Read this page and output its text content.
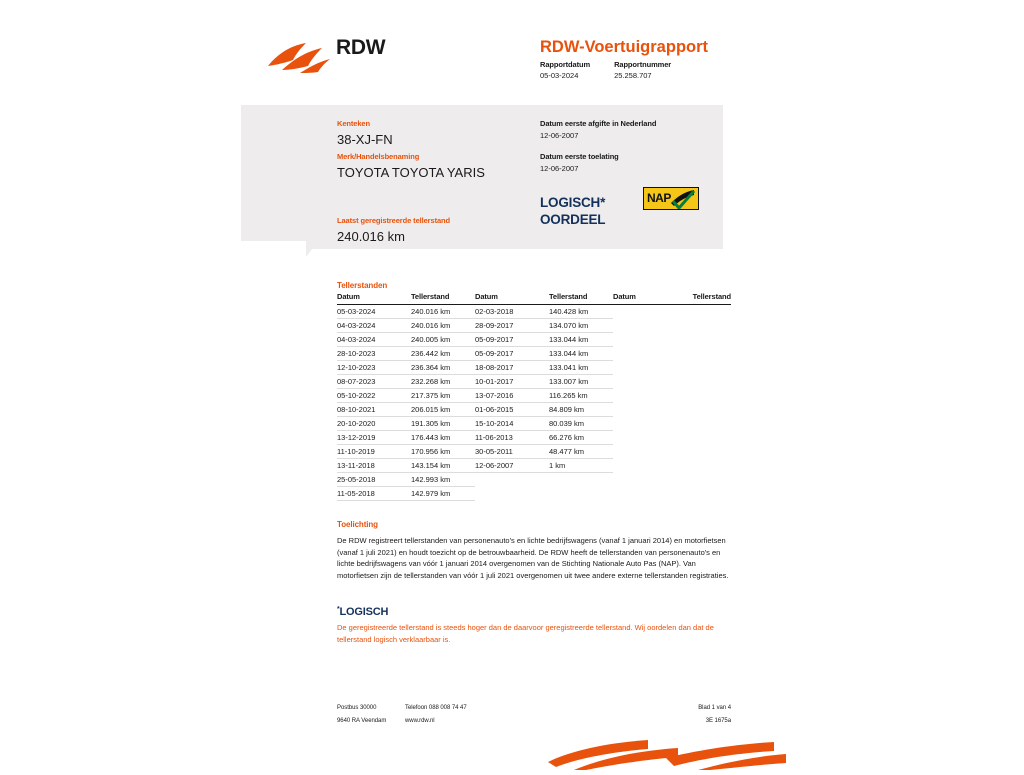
RDW	RDW-Voertuigrapport
Rapportdatum
05-03-2024
Rapportnummer
25.258.707
Kenteken
38-XJ-FN
Merk/Handelsbenaming
TOYOTA TOYOTA YARIS
Laatst geregistreerde tellerstand
240.016 km
Datum eerste afgifte in Nederland
12-06-2007
Datum eerste toelating
12-06-2007
LOGISCH*
OORDEEL
NAP
Tellerstanden
Datum	Tellerstand
05-03-2024	240.016 km
04-03-2024	240.016 km
04-03-2024	240.005 km
28-10-2023	236.442 km
12-10-2023	236.364 km
08-07-2023	232.268 km
05-10-2022	217.375 km
08-10-2021	206.015 km
20-10-2020	191.305 km
13-12-2019	176.443 km
11-10-2019	170.956 km
13-11-2018	143.154 km
25-05-2018	142.993 km
11-05-2018	142.979 km
Datum	Tellerstand
02-03-2018	140.428 km
28-09-2017	134.070 km
05-09-2017	133.044 km
05-09-2017	133.044 km
18-08-2017	133.041 km
10-01-2017	133.007 km
13-07-2016	116.265 km
01-06-2015	84.809 km
15-10-2014	80.039 km
11-06-2013	66.276 km
30-05-2011	48.477 km
12-06-2007	1 km
Datum	Tellerstand
Toelichting

De RDW registreert tellerstanden van personenauto's en lichte bedrijfswagens (vanaf 1 januari 2014) en motorfietsen (vanaf 1 juli 2021) en houdt toezicht op de betrouwbaarheid. De RDW heeft de tellerstanden van personenauto's en lichte bedrijfswagens van vóór 1 januari 2014 overgenomen van de Stichting Nationale Auto Pas (NAP). Van motorfietsen zijn de tellerstanden van vóór 1 juli 2021 overgenomen uit twee andere externe tellerstanden registraties.

*LOGISCH
De geregistreerde tellerstand is steeds hoger dan de daarvoor geregistreerde tellerstand. Wij oordelen dan dat de tellerstand logisch verklaarbaar is.
Postbus 30000
9640 RA Veendam
Telefoon 088 008 74 47
www.rdw.nl
Blad 1 van 4
3E 1675a
